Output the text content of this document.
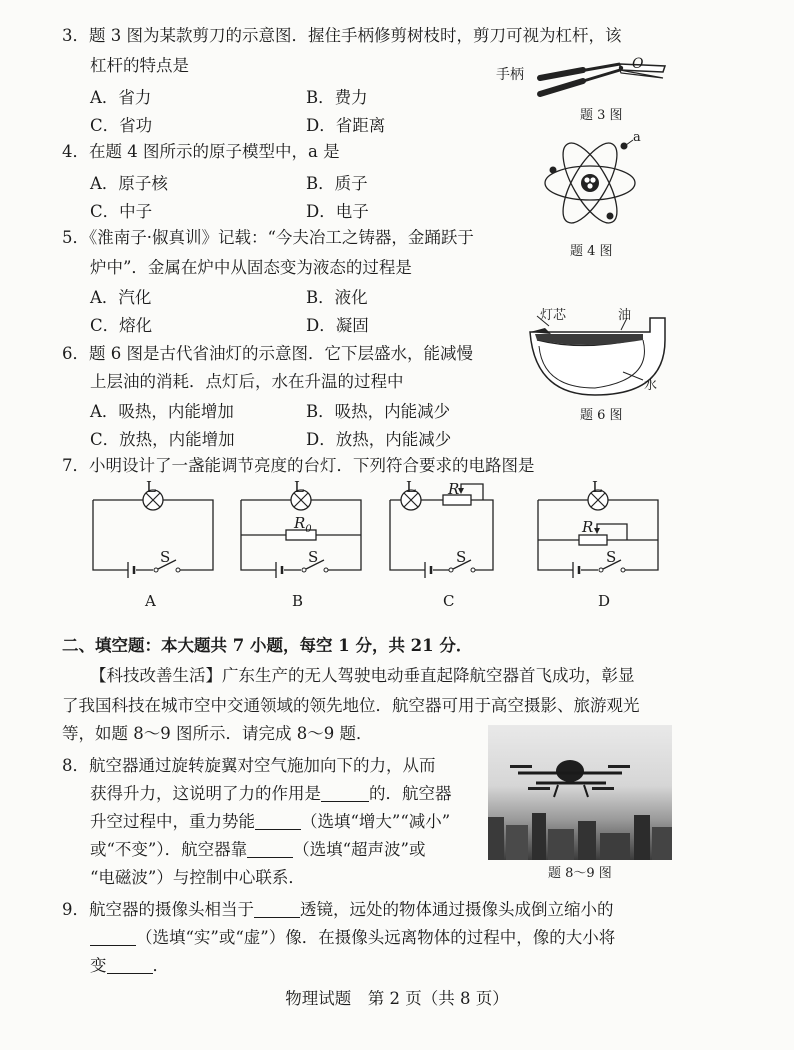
3．题 3 图为某款剪刀的示意图．握住手柄修剪树枝时，剪刀可视为杠杆，该
杠杆的特点是
A．省力	B．费力
C．省功	D．省距离
手柄
O
题 3 图
4．在题 4 图所示的原子模型中，a 是
A．原子核	B．质子
C．中子	D．电子
a
题 4 图
5．《淮南子·俶真训》记载：“今夫冶工之铸器，金踊跃于
炉中”．金属在炉中从固态变为液态的过程是
A．汽化	B．液化
C．熔化	D．凝固
灯芯	油
水
题 6 图
6．题 6 图是古代省油灯的示意图．它下层盛水，能减慢
上层油的消耗．点灯后，水在升温的过程中
A．吸热，内能增加	B．吸热，内能减少
C．放热，内能增加	D．放热，内能减少
7．小明设计了一盏能调节亮度的台灯．下列符合要求的电路图是
L
S
A
L
$R_0$
S
B
L R
S
C
L
R
S
D
二、填空题：本大题共 7 小题，每空 1 分，共 21 分．
【科技改善生活】广东生产的无人驾驶电动垂直起降航空器首飞成功，彰显
了我国科技在城市空中交通领域的领先地位．航空器可用于高空摄影、旅游观光
等，如题 8～9 图所示．请完成 8～9 题．
8．航空器通过旋转旋翼对空气施加向下的力，从而
获得升力，这说明了力的作用是	的．航空器
升空过程中，重力势能	（选填“增大”“减小”
或“不变”）．航空器靠	（选填“超声波”或
“电磁波”）与控制中心联系．	题 8～9 图
9．航空器的摄像头相当于	透镜，远处的物体通过摄像头成倒立缩小的
（选填“实”或“虚”）像．在摄像头远离物体的过程中，像的大小将
变	．
物理试题　第 2 页（共 8 页）
